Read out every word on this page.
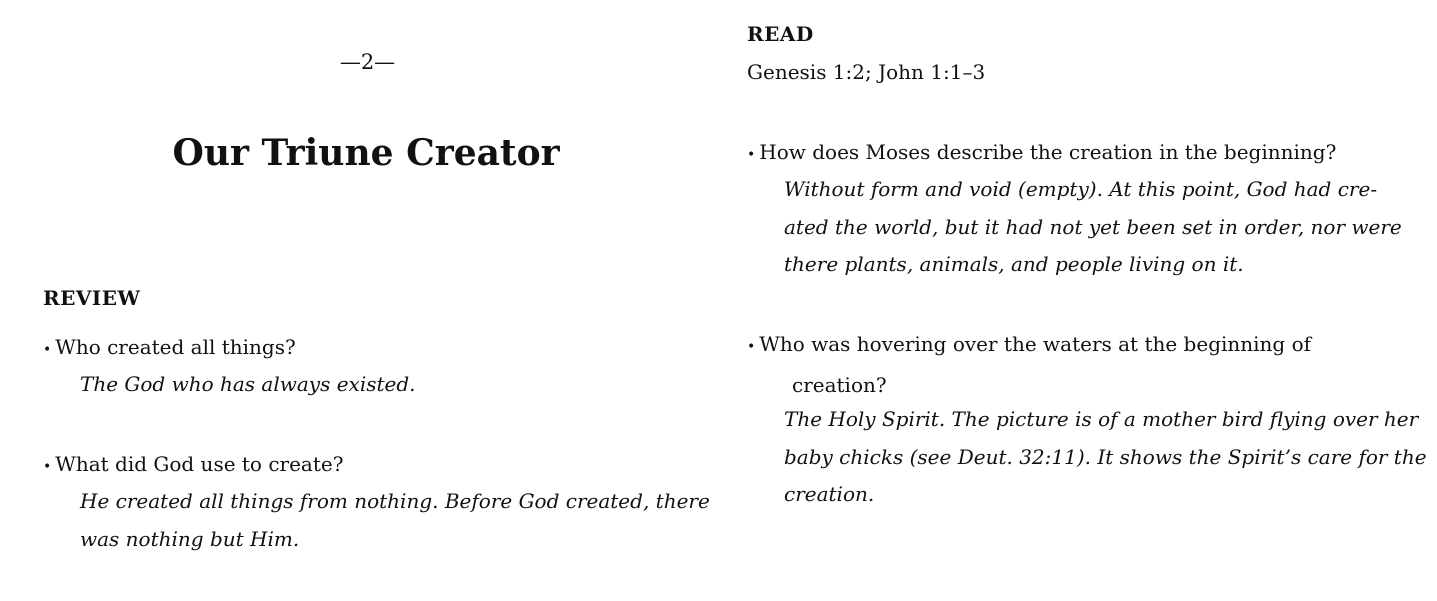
—2—
Our Triune Creator
REVIEW

• Who created all things?

The God who has always existed.

• What did God use to create?

He created all things from nothing. Before God created, there
was nothing but Him.

READ
Genesis 1:2; John 1:1–3

• How does Moses describe the creation in the beginning?

Without form and void (empty). At this point, God had cre-
ated the world, but it had not yet been set in order, nor were
there plants, animals, and people living on it.

• Who was hovering over the waters at the beginning of
creation?

The Holy Spirit. The picture is of a mother bird flying over her
baby chicks (see Deut. 32:11). It shows the Spirit’s care for the
creation.
